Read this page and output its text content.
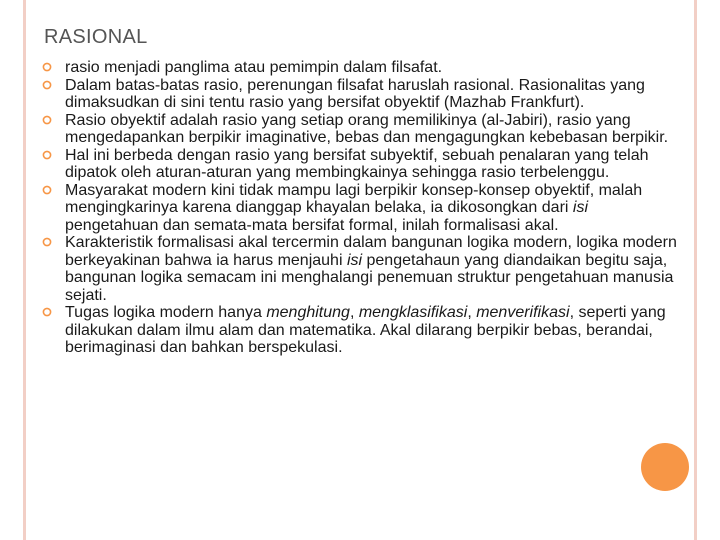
RASIONAL
rasio menjadi panglima atau pemimpin dalam filsafat.
Dalam batas-batas rasio, perenungan filsafat haruslah rasional. Rasionalitas yang dimaksudkan di sini tentu rasio yang bersifat obyektif (Mazhab Frankfurt).
Rasio obyektif adalah rasio yang setiap orang memilikinya (al-Jabiri), rasio yang mengedapankan berpikir imaginative, bebas dan mengagungkan kebebasan berpikir.
Hal ini berbeda dengan rasio yang bersifat subyektif, sebuah penalaran yang telah dipatok oleh aturan-aturan yang membingkainya sehingga rasio terbelenggu.
Masyarakat modern kini tidak mampu lagi berpikir konsep-konsep obyektif, malah mengingkarinya karena dianggap khayalan belaka, ia dikosongkan dari isi pengetahuan dan semata-mata bersifat formal, inilah formalisasi akal.
Karakteristik formalisasi akal tercermin dalam bangunan logika modern, logika modern berkeyakinan bahwa ia harus menjauhi isi pengetahaun yang diandaikan begitu saja, bangunan logika semacam ini menghalangi penemuan struktur pengetahuan manusia sejati.
Tugas logika modern hanya menghitung, mengklasifikasi, menverifikasi, seperti yang dilakukan dalam ilmu alam dan matematika. Akal dilarang berpikir bebas, berandai, berimaginasi dan bahkan berspekulasi.
